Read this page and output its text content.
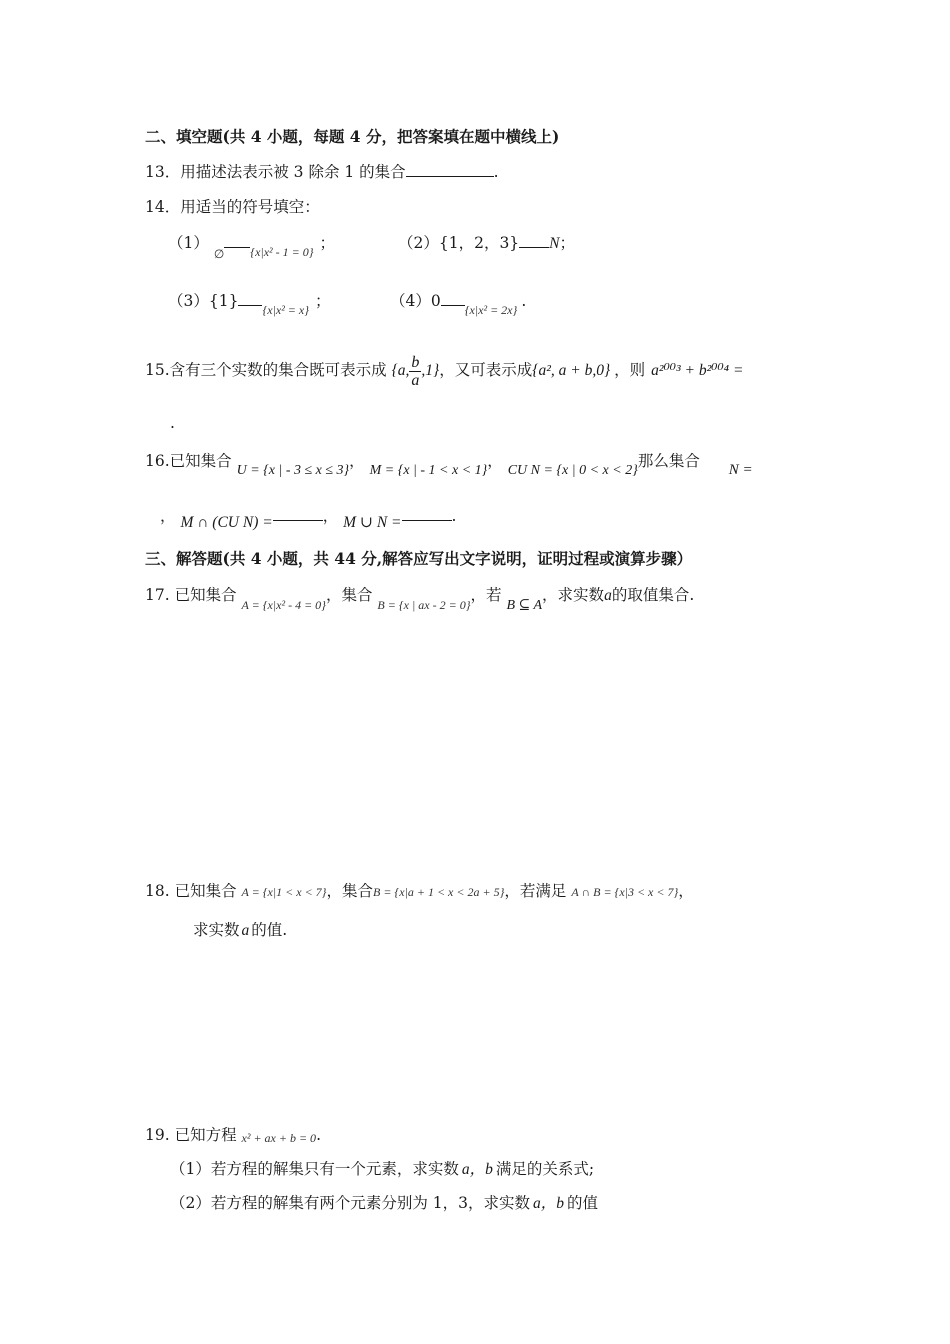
二、填空题(共 4 小题，每题 4 分，把答案填在题中横线上)
13．用描述法表示被 3 除余 1 的集合	.
14．用适当的符号填空：
（1） $_\emptyset$ $_{\{x|x^2 - 1 = 0\}}$ ；	（2）{1，2，3} N；
（3）{1} $_{\{x|x^2 = x\}}$ ；	（4）0 $_{\{x|x^2 = 2x\}}$ .
15.含有三个实数的集合既可表示成 {a, $\frac{b}{a} ,1$}，又可表示成{a², a + b,0} ，则 a²⁰⁰³ + b²⁰⁰⁴ =
.
16.已知集合 U = {x | - 3 ≤ x ≤ 3}， M = {x | - 1 < x < 1}， CU N = {x | 0 < x < 2}那么集合 N =
， M ∩ (CU N) =	， M ∪ N =	.
三、解答题(共 4 小题，共 44 分,解答应写出文字说明，证明过程或演算步骤）
17. 已知集合 $_{A = \{x|x^2 - 4 = 0\}}$，集合 $_{B = \{x | ax - 2 = 0\}}$，若 B ⊆ A，求实数a的取值集合.
18. 已知集合 A = {x|1 < x < 7}，集合B = {x|a + 1 < x < 2a + 5}，若满足 A ∩ B = {x|3 < x < 7}，
求实数 a 的值.
19. 已知方程 x² + ax + b = 0.
（1）若方程的解集只有一个元素，求实数 a，b 满足的关系式;
（2）若方程的解集有两个元素分别为 1，3，求实数 a，b 的值
